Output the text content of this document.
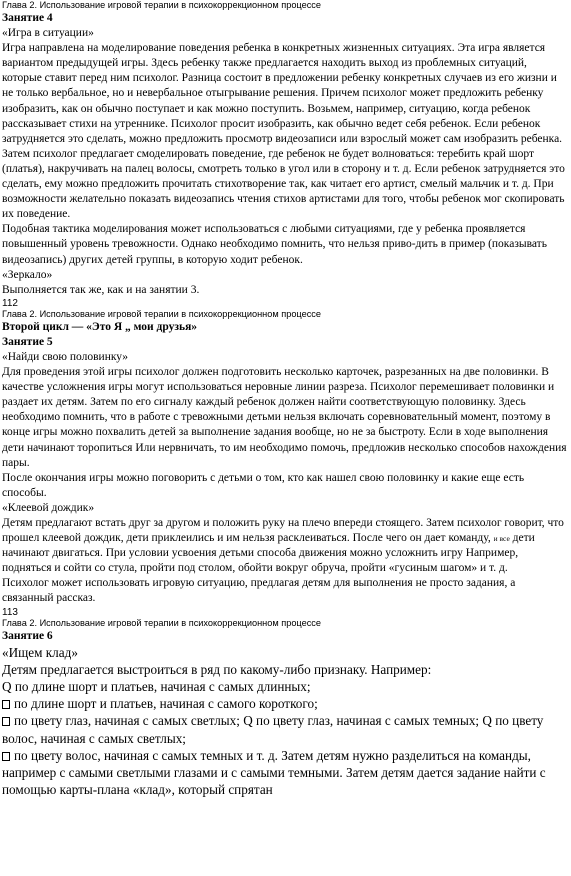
Глава 2. Использование игровой терапии в психокоррекционном процессе
Занятие 4
«Игра в ситуации»
Игра направлена на моделирование поведения ребенка в конкретных жизненных ситуациях. Эта игра является вариантом предыдущей игры. Здесь ребенку также предлагается находить выход из проблемных ситуаций, которые ставит перед ним психолог. Разница состоит в предложении ребенку конкретных случаев из его жизни и не только вербальное, но и невербальное отыгрывание решения. Причем психолог может предложить ребенку изобразить, как он обычно поступает и как можно поступить. Возьмем, например, ситуацию, когда ребенок рассказывает стихи на утреннике. Психолог просит изобразить, как обычно ведет себя ребенок. Если ребенок затрудняется это сделать, можно предложить просмотр видеозаписи или взрослый может сам изобразить ребенка. Затем психолог предлагает смоделировать поведение, где ребенок не будет волноваться: теребить край шорт (платья), накручивать на палец волосы, смотреть только в угол или в сторону и т. д. Если ребенок затрудняется это сделать, ему можно предложить прочитать стихотворение так, как читает его артист, смелый мальчик и т. д. При возможности желательно показать видеозапись чтения стихов артистами для того, чтобы ребенок мог скопировать их поведение.
Подобная тактика моделирования может использоваться с любыми ситуациями, где у ребенка проявляется повышенный уровень тревожности. Однако необходимо помнить, что нельзя приво-дить в пример (показывать видеозапись) других детей группы, в которую ходит ребенок.
«Зеркало»
Выполняется так же, как и на занятии 3.
112
Глава 2. Использование игровой терапии в психокоррекционном процессе
Второй цикл — «Это Я „ мои друзья»
Занятие 5
«Найди свою половинку»
Для проведения этой игры психолог должен подготовить несколько карточек, разрезанных на две половинки. В качестве усложнения игры могут использоваться неровные линии разреза. Психолог перемешивает половинки и раздает их детям. Затем по его сигналу каждый ребенок должен найти соответствующую половинку. Здесь необходимо помнить, что в работе с тревожными детьми нельзя включать соревновательный момент, поэтому в конце игры можно похвалить детей за выполнение задания вообще, но не за быстроту. Если в ходе выполнения дети начинают торопиться Или нервничать, то им необходимо помочь, предложив несколько способов нахождения пары.
После окончания игры можно поговорить с детьми о том, кто как нашел свою половинку и какие еще есть способы.
«Клеевой дождик»
Детям предлагают встать друг за другом и положить руку на плечо впереди стоящего. Затем психолог говорит, что прошел клеевой дождик, дети приклеились и им нельзя расклеиваться. После чего он дает команду, и все дети начинают двигаться. При условии усвоения детьми способа движения можно усложнить игру Например, подняться и сойти со стула, пройти под столом, обойти вокруг обруча, пройти «гусиным шагом» и т. д.
Психолог может использовать игровую ситуацию, предлагая детям для выполнения не просто задания, а связанный рассказ.
113
Глава 2. Использование игровой терапии в психокоррекционном процессе
Занятие 6
«Ищем клад»
Детям предлагается выстроиться в ряд по какому-либо признаку. Например:
Q по длине шорт и платьев, начиная с самых длинных;
по длине шорт и платьев, начиная с самого короткого;
по цвету глаз, начиная с самых светлых; Q по цвету глаз, начиная с самых темных; Q по цвету волос, начиная с самых светлых;
по цвету волос, начиная с самых темных и т. д. Затем детям нужно разделиться на команды,
например с самыми светлыми глазами и с самыми темными. Затем детям дается задание найти с помощью карты-плана «клад», который спрятан
